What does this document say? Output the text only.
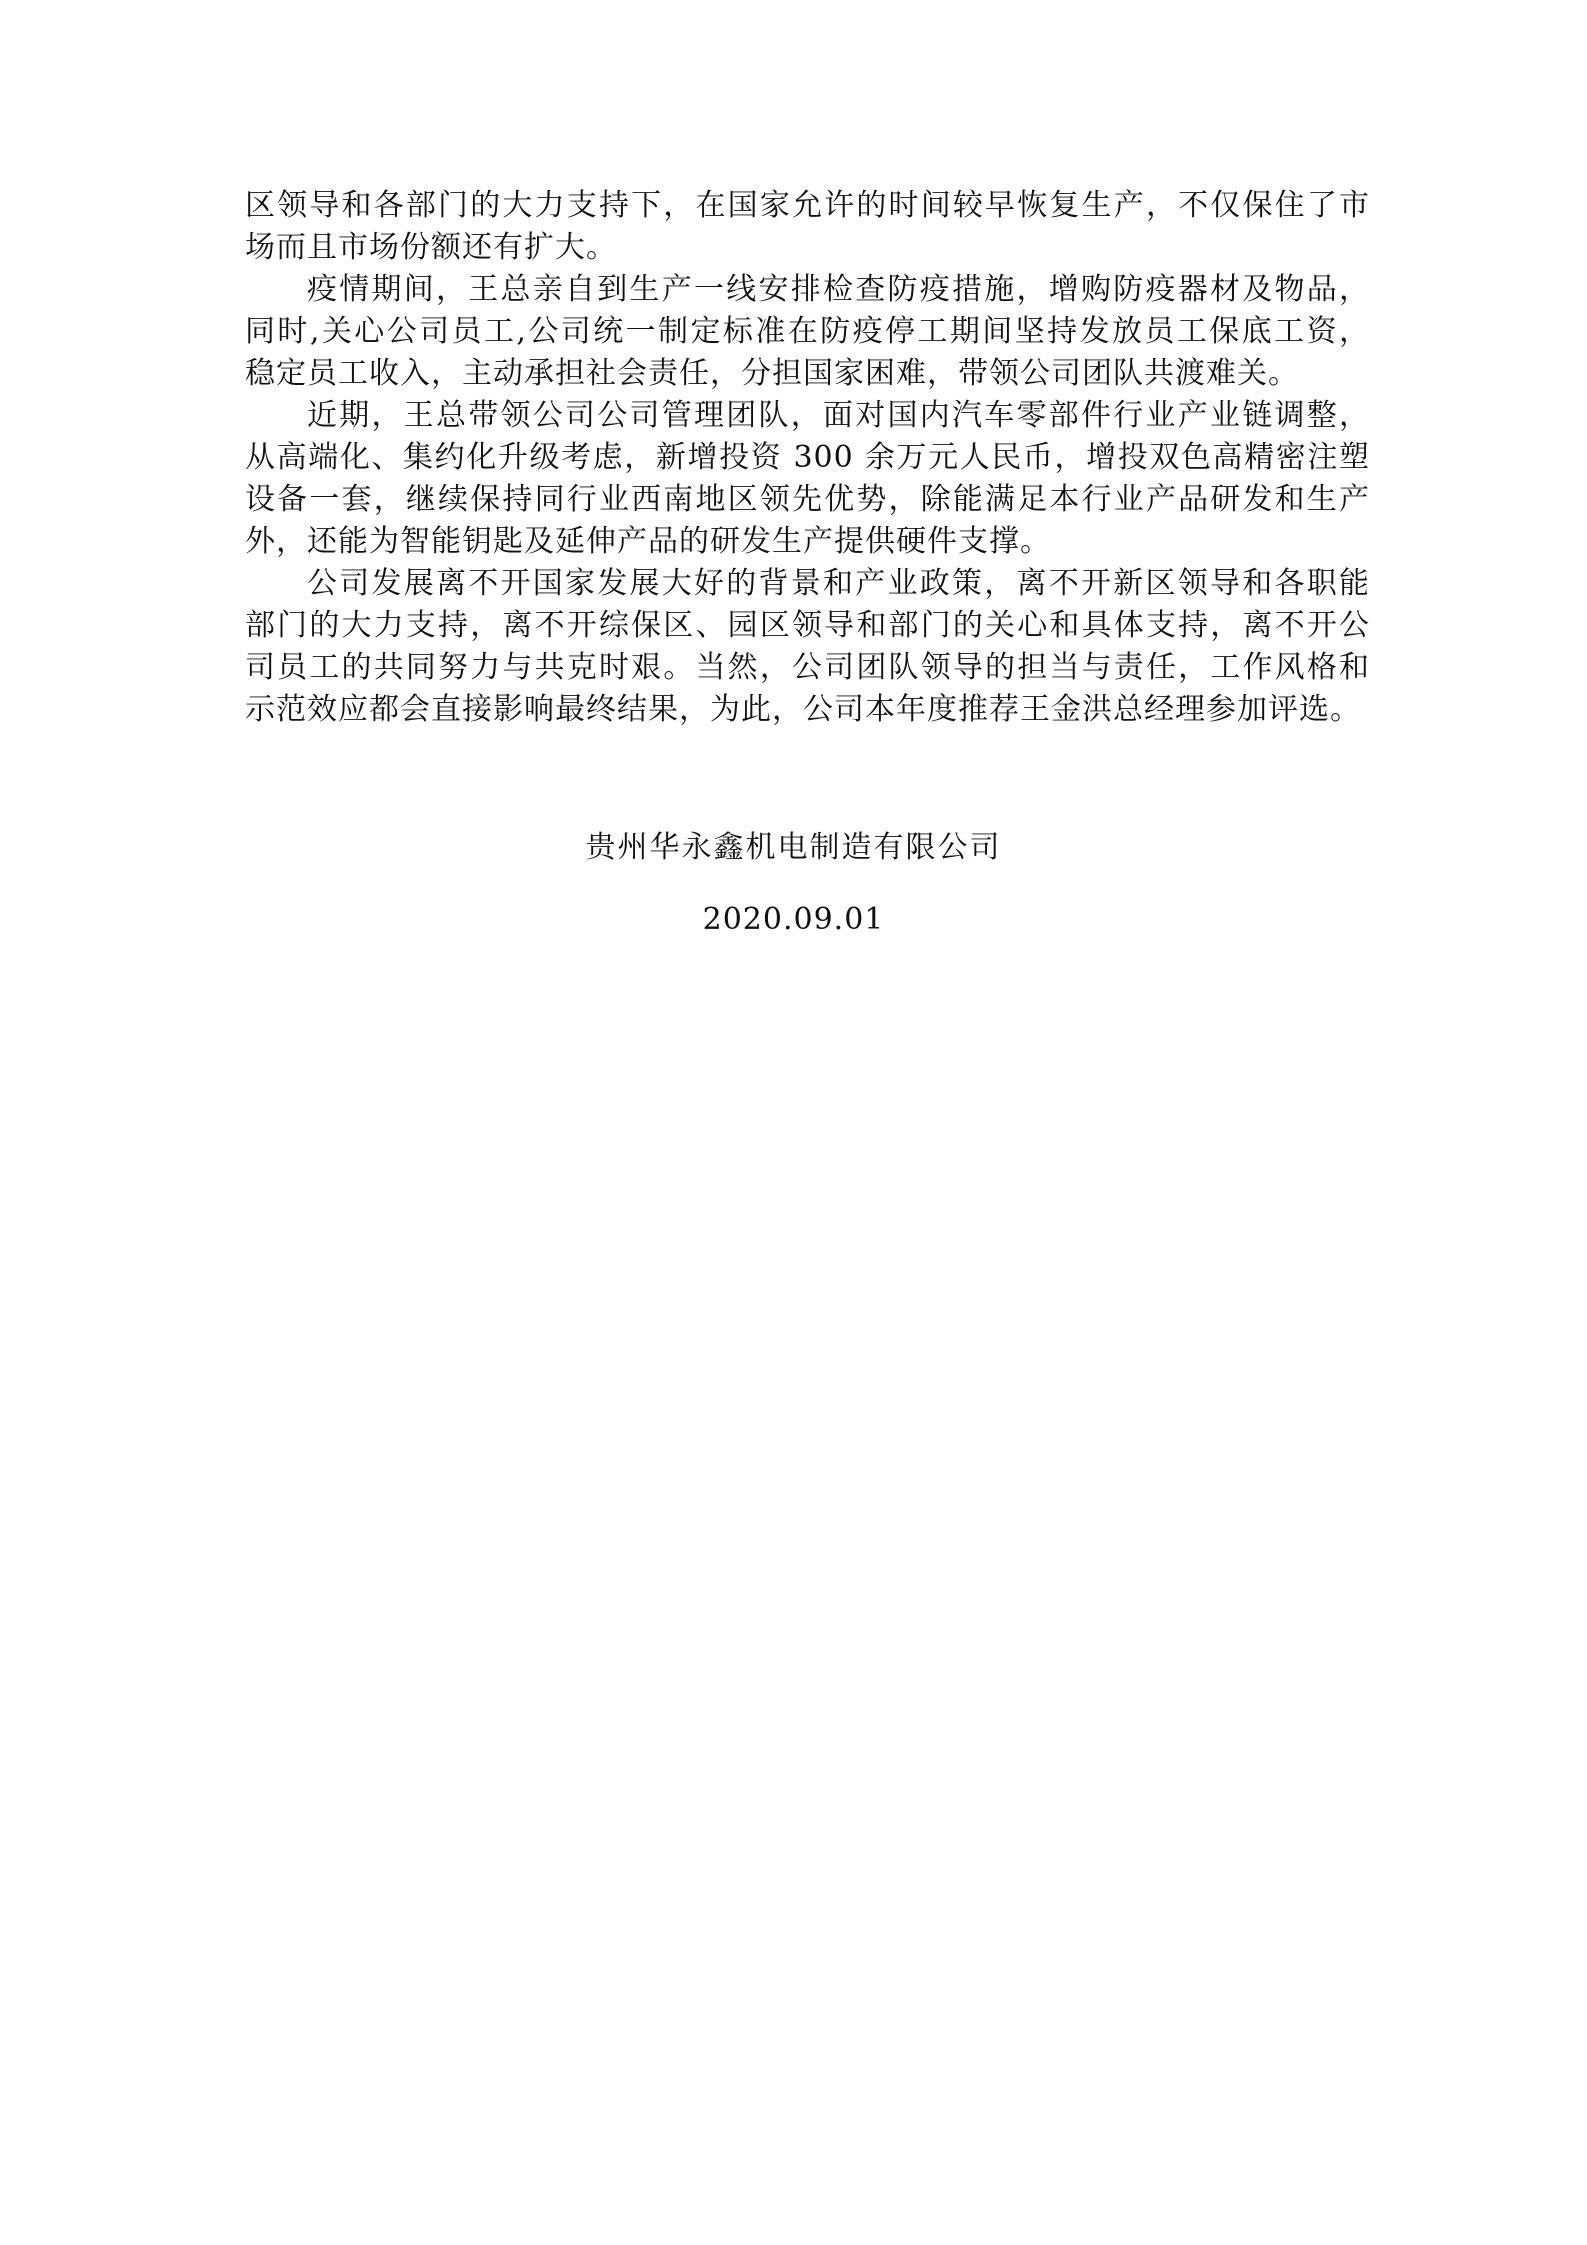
区领导和各部门的大力支持下，在国家允许的时间较早恢复生产，不仅保住了市
场而且市场份额还有扩大。
疫情期间，王总亲自到生产一线安排检查防疫措施，增购防疫器材及物品，
同时,关心公司员工,公司统一制定标准在防疫停工期间坚持发放员工保底工资，
稳定员工收入，主动承担社会责任，分担国家困难，带领公司团队共渡难关。
近期，王总带领公司公司管理团队，面对国内汽车零部件行业产业链调整，
从高端化、集约化升级考虑，新增投资 300 余万元人民币，增投双色高精密注塑
设备一套，继续保持同行业西南地区领先优势，除能满足本行业产品研发和生产
外，还能为智能钥匙及延伸产品的研发生产提供硬件支撑。
公司发展离不开国家发展大好的背景和产业政策，离不开新区领导和各职能
部门的大力支持，离不开综保区、园区领导和部门的关心和具体支持，离不开公
司员工的共同努力与共克时艰。当然，公司团队领导的担当与责任，工作风格和
示范效应都会直接影响最终结果，为此，公司本年度推荐王金洪总经理参加评选。
贵州华永鑫机电制造有限公司
2020.09.01
